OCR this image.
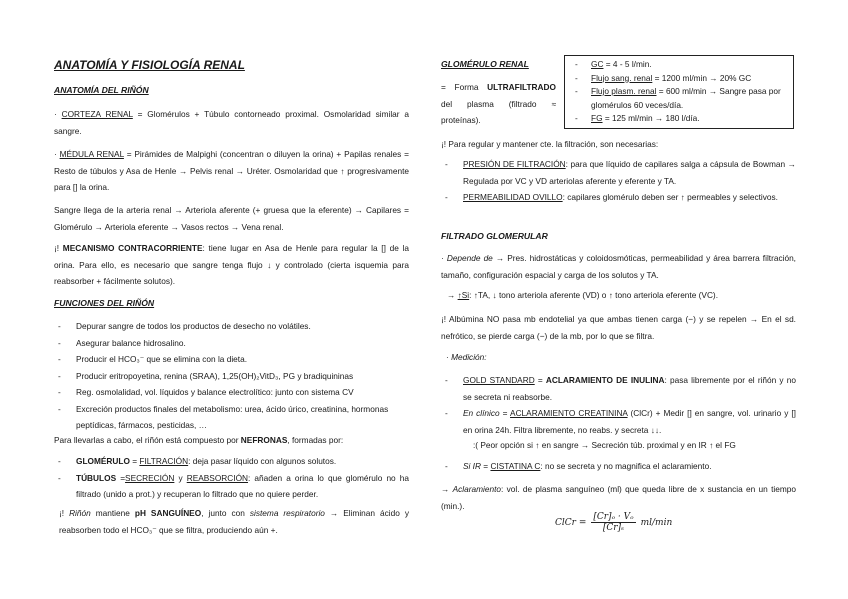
ANATOMÍA Y FISIOLOGÍA RENAL

ANATOMÍA DEL RIÑÓN

· CORTEZA RENAL = Glomérulos + Túbulo contorneado proximal. Osmolaridad similar a sangre.

· MÉDULA RENAL = Pirámides de Malpighi (concentran o diluyen la orina) + Papilas renales = Resto de túbulos y Asa de Henle → Pelvis renal → Uréter. Osmolaridad que ↑ progresivamente para [] la orina.

Sangre llega de la arteria renal → Arteriola aferente (+ gruesa que la eferente) → Capilares = Glomérulo → Arteriola eferente → Vasos rectos → Vena renal.

¡! MECANISMO CONTRACORRIENTE: tiene lugar en Asa de Henle para regular la [] de la orina. Para ello, es necesario que sangre tenga flujo ↓ y controlado (cierta isquemia para reabsorber + fácilmente solutos).

FUNCIONES DEL RIÑÓN

- Depurar sangre de todos los productos de desecho no volátiles.
- Asegurar balance hidrosalino.
- Producir el HCO₃⁻ que se elimina con la dieta.
- Producir eritropoyetina, renina (SRAA), 1,25(OH)₂VitD₃, PG y bradiquininas
- Reg. osmolalidad, vol. líquidos y balance electrolítico: junto con sistema CV
- Excreción productos finales del metabolismo: urea, ácido úrico, creatinina, hormonas peptídicas, fármacos, pesticidas, …

Para llevarlas a cabo, el riñón está compuesto por NEFRONAS, formadas por:

- GLOMÉRULO = FILTRACIÓN: deja pasar líquido con algunos solutos.
- TÚBULOS =SECRECIÓN y REABSORCIÓN: añaden a orina lo que glomérulo no ha filtrado (unido a prot.) y recuperan lo filtrado que no quiere perder.

¡! Riñón mantiene pH SANGUÍNEO, junto con sistema respiratorio → Eliminan ácido y reabsorben todo el HCO₃⁻ que se filtra, produciendo aún +.

GLOMÉRULO RENAL

= Forma ULTRAFILTRADO del plasma (filtrado ≈ proteínas).

- GC = 4 - 5 l/min.
- Flujo sang. renal = 1200 ml/min → 20% GC
- Flujo plasm. renal = 600 ml/min → Sangre pasa por glomérulos 60 veces/día.
- FG = 125 ml/min → 180 l/día.

¡! Para regular y mantener cte. la filtración, son necesarias:

- PRESIÓN DE FILTRACIÓN: para que líquido de capilares salga a cápsula de Bowman → Regulada por VC y VD arteriolas aferente y eferente y TA.
- PERMEABILIDAD OVILLO: capilares glomérulo deben ser ↑ permeables y selectivos.

FILTRADO GLOMERULAR

· Depende de → Pres. hidrostáticas y coloidosmóticas, permeabilidad y área barrera filtración, tamaño, configuración espacial y carga de los solutos y TA.

→ ↑Si: ↑TA, ↓ tono arteriola aferente (VD) o ↑ tono arteriola eferente (VC).

¡! Albúmina NO pasa mb endotelial ya que ambas tienen carga (−) y se repelen → En el sd. nefrótico, se pierde carga (−) de la mb, por lo que se filtra.

· Medición:

- GOLD STANDARD = ACLARAMIENTO DE INULINA: pasa libremente por el riñón y no se secreta ni reabsorbe.
- En clínico = ACLARAMIENTO CREATININA (ClCr) + Medir [] en sangre, vol. urinario y [] en orina 24h. Filtra libremente, no reabs. y secreta ↓↓.

:( Peor opción si ↑ en sangre → Secreción túb. proximal y en IR ↑ el FG

- Si IR = CISTATINA C: no se secreta y no magnifica el aclaramiento.

→ Aclaramiento: vol. de plasma sanguíneo (ml) que queda libre de x sustancia en un tiempo (min.).

ClCr = $\frac{\text{[Cr]ₒ · Vₒ}}{\text{[Cr]ₛ}} ml/\min$
